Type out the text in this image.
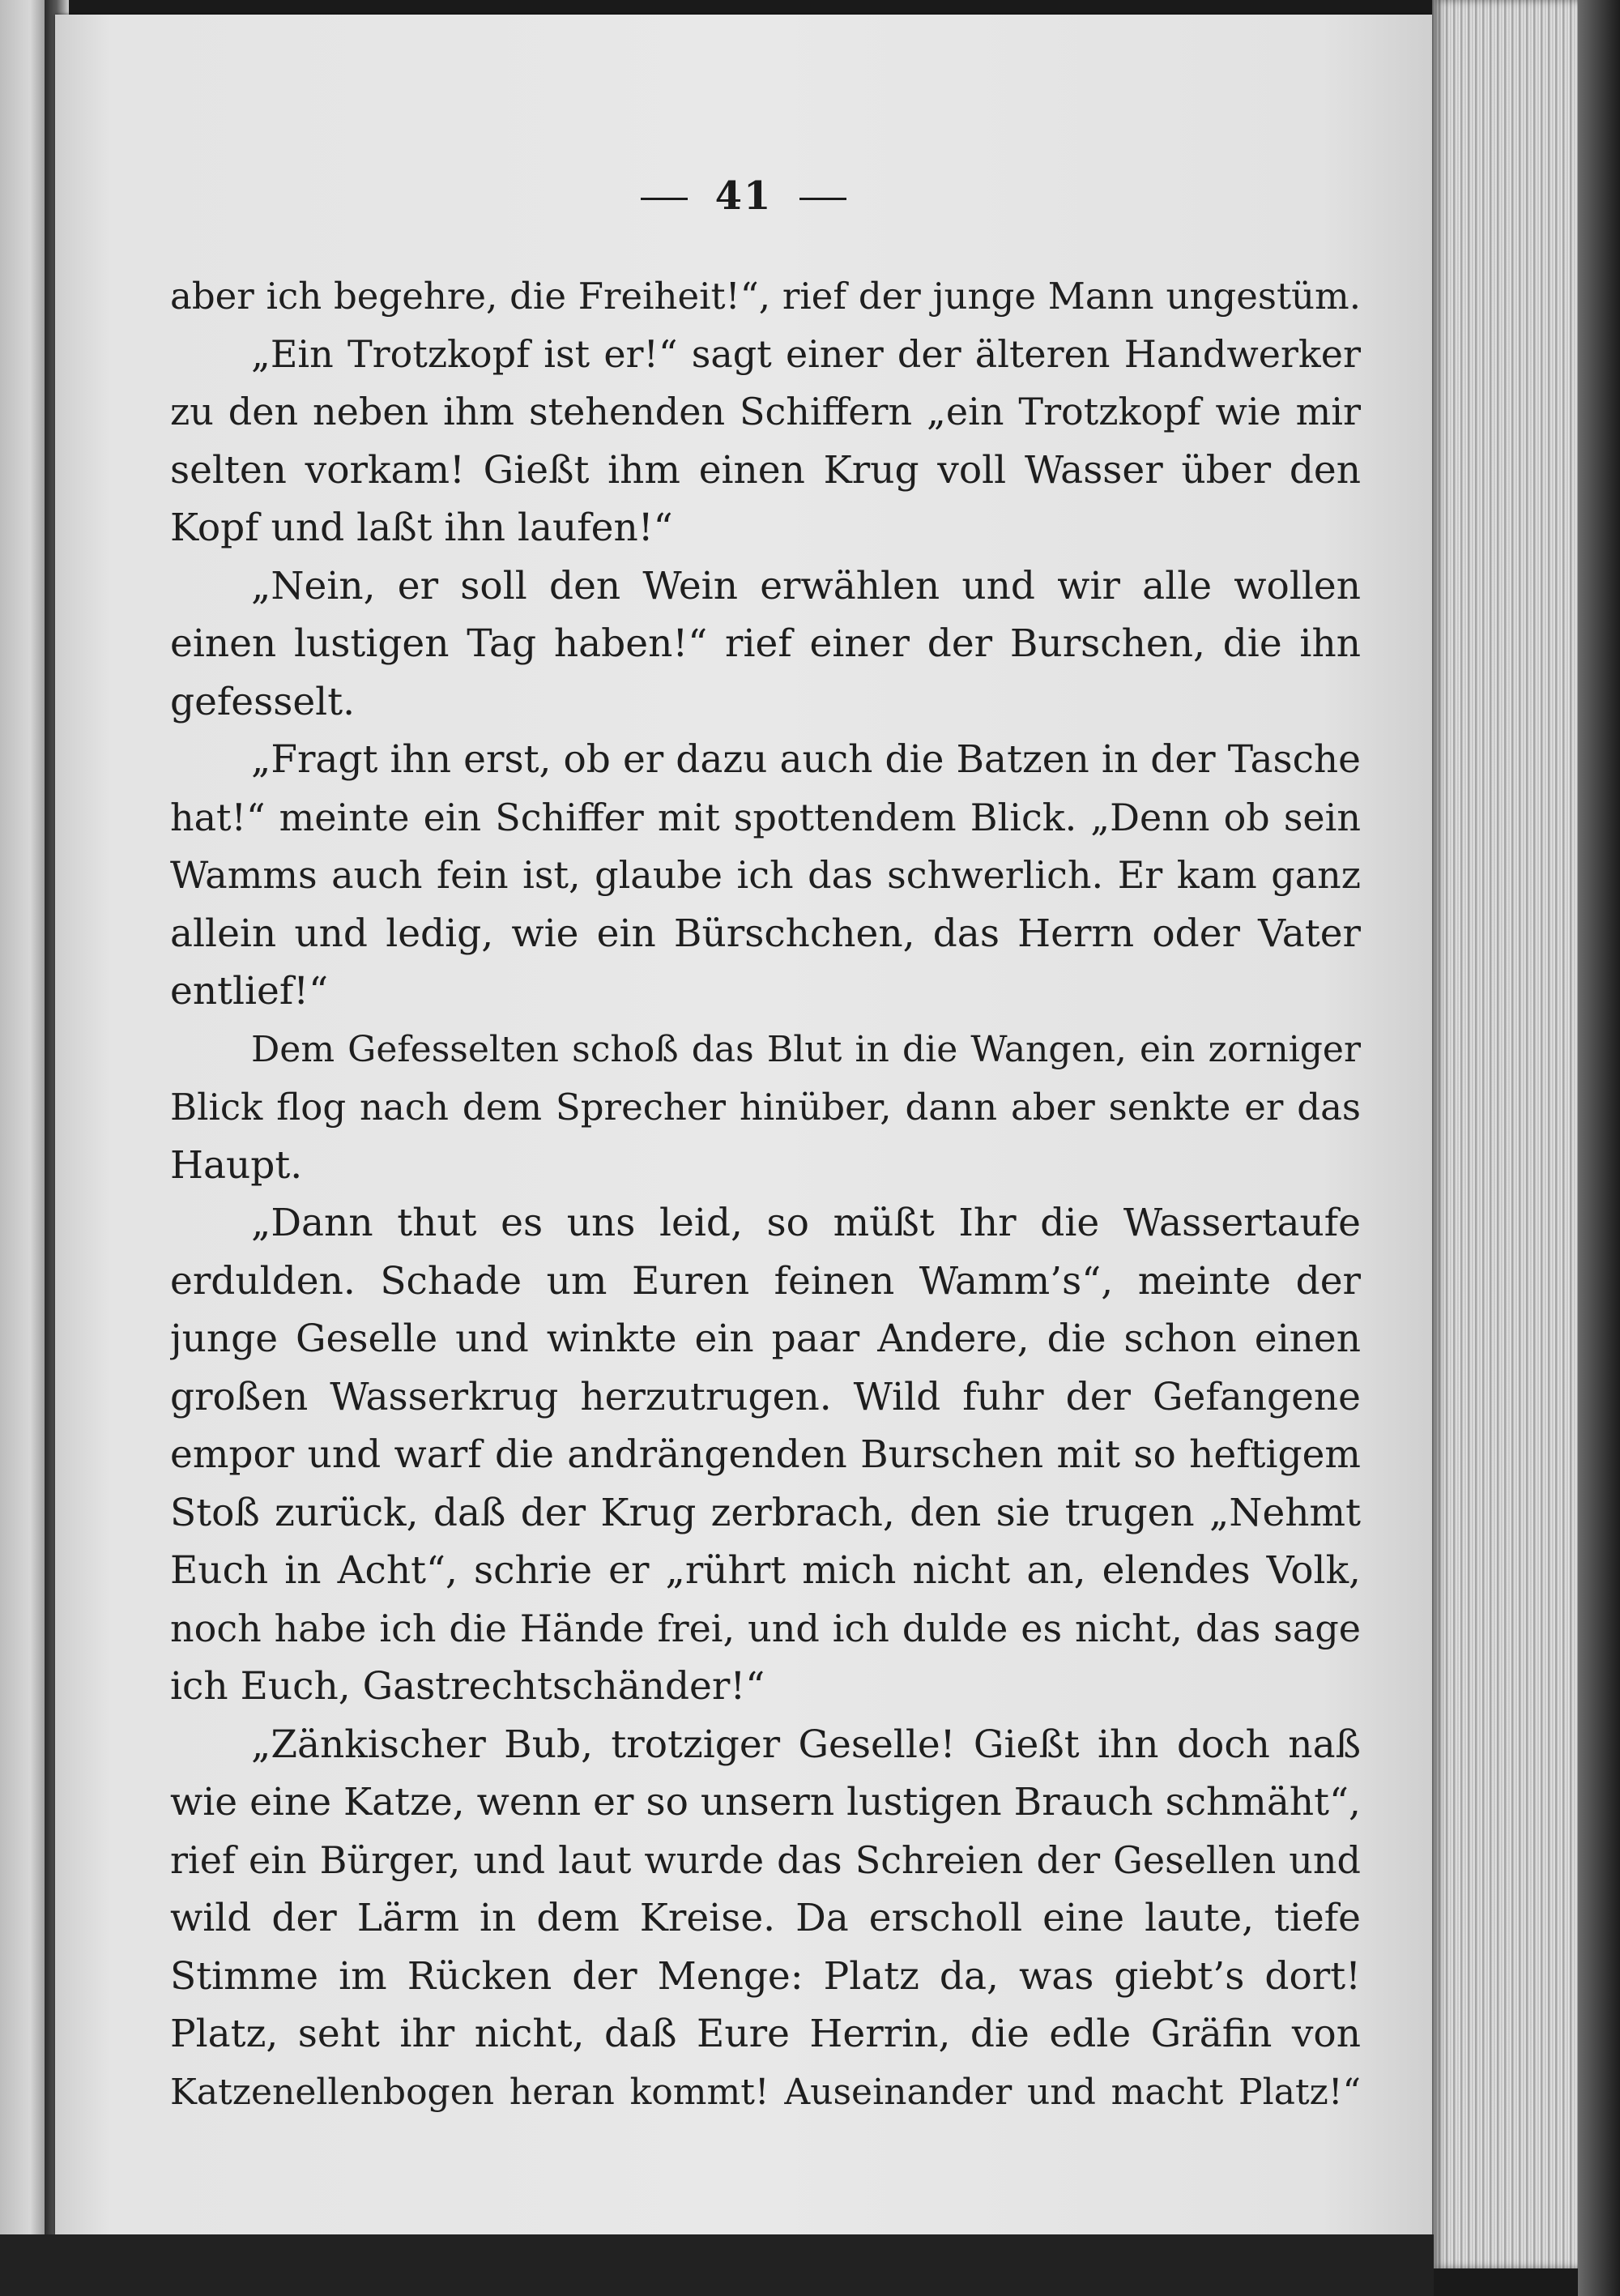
41
aber ich begehre, die Freiheit!“, rief der junge Mann ungestüm.
„Ein Trotzkopf ist er!“ sagt einer der älteren Handwerker
zu den neben ihm stehenden Schiffern „ein Trotzkopf wie mir
selten vorkam! Gießt ihm einen Krug voll Wasser über den
Kopf und laßt ihn laufen!“
„Nein, er soll den Wein erwählen und wir alle wollen
einen lustigen Tag haben!“ rief einer der Burschen, die ihn
gefesselt.
„Fragt ihn erst, ob er dazu auch die Batzen in der Tasche
hat!“ meinte ein Schiffer mit spottendem Blick. „Denn ob sein
Wamms auch fein ist, glaube ich das schwerlich. Er kam ganz
allein und ledig, wie ein Bürschchen, das Herrn oder Vater
entlief!“
Dem Gefesselten schoß das Blut in die Wangen, ein zorniger
Blick flog nach dem Sprecher hinüber, dann aber senkte er das
Haupt.
„Dann thut es uns leid, so müßt Ihr die Wassertaufe
erdulden. Schade um Euren feinen Wamm’s“, meinte der
junge Geselle und winkte ein paar Andere, die schon einen
großen Wasserkrug herzutrugen. Wild fuhr der Gefangene
empor und warf die andrängenden Burschen mit so heftigem
Stoß zurück, daß der Krug zerbrach, den sie trugen „Nehmt
Euch in Acht“, schrie er „rührt mich nicht an, elendes Volk,
noch habe ich die Hände frei, und ich dulde es nicht, das sage
ich Euch, Gastrechtschänder!“
„Zänkischer Bub, trotziger Geselle! Gießt ihn doch naß
wie eine Katze, wenn er so unsern lustigen Brauch schmäht“,
rief ein Bürger, und laut wurde das Schreien der Gesellen und
wild der Lärm in dem Kreise. Da erscholl eine laute, tiefe
Stimme im Rücken der Menge: Platz da, was giebt’s dort!
Platz, seht ihr nicht, daß Eure Herrin, die edle Gräfin von
Katzenellenbogen heran kommt! Auseinander und macht Platz!“
